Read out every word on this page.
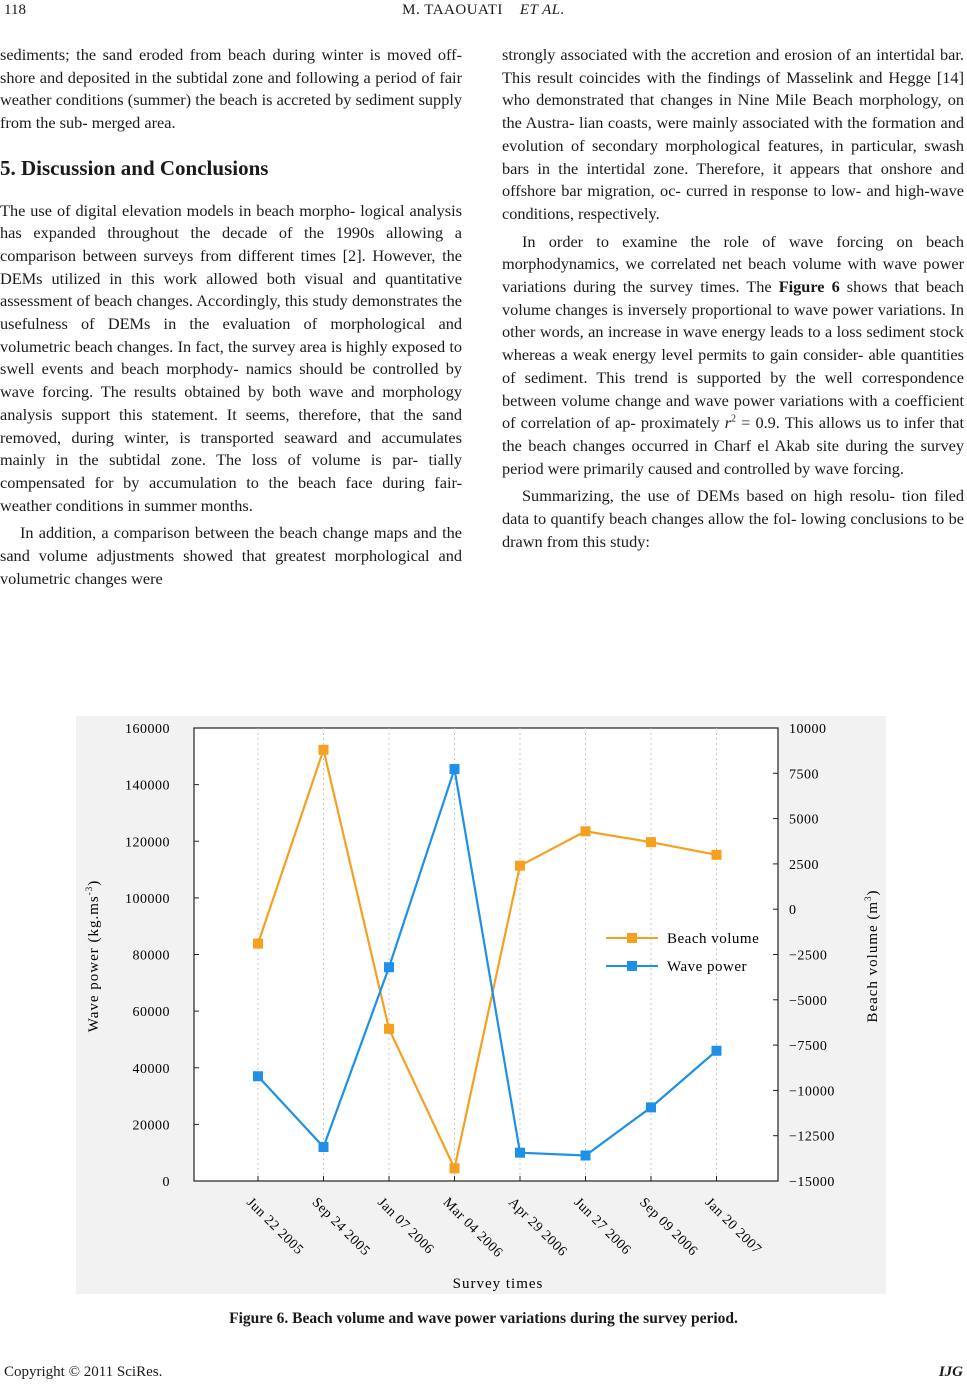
118	M. TAAOUATI ET AL.

sediments; the sand eroded from beach during winter is moved off-shore and deposited in the subtidal zone and following a period of fair weather conditions (summer) the beach is accreted by sediment supply from the sub- merged area.

5. Discussion and Conclusions

The use of digital elevation models in beach morpho- logical analysis has expanded throughout the decade of the 1990s allowing a comparison between surveys from different times [2]. However, the DEMs utilized in this work allowed both visual and quantitative assessment of beach changes. Accordingly, this study demonstrates the usefulness of DEMs in the evaluation of morphological and volumetric beach changes. In fact, the survey area is highly exposed to swell events and beach morphody- namics should be controlled by wave forcing. The results obtained by both wave and morphology analysis support this statement. It seems, therefore, that the sand removed, during winter, is transported seaward and accumulates mainly in the subtidal zone. The loss of volume is par- tially compensated for by accumulation to the beach face during fair-weather conditions in summer months.

In addition, a comparison between the beach change maps and the sand volume adjustments showed that greatest morphological and volumetric changes were

strongly associated with the accretion and erosion of an intertidal bar. This result coincides with the findings of Masselink and Hegge [14] who demonstrated that changes in Nine Mile Beach morphology, on the Austra- lian coasts, were mainly associated with the formation and evolution of secondary morphological features, in particular, swash bars in the intertidal zone. Therefore, it appears that onshore and offshore bar migration, oc- curred in response to low- and high-wave conditions, respectively.

In order to examine the role of wave forcing on beach morphodynamics, we correlated net beach volume with wave power variations during the survey times. The Figure 6 shows that beach volume changes is inversely proportional to wave power variations. In other words, an increase in wave energy leads to a loss sediment stock whereas a weak energy level permits to gain consider- able quantities of sediment. This trend is supported by the well correspondence between volume change and wave power variations with a coefficient of correlation of ap- proximately $r^2 = 0.9$. This allows us to infer that the beach changes occurred in Charf el Akab site during the survey period were primarily caused and controlled by wave forcing.

Summarizing, the use of DEMs based on high resolu- tion filed data to quantify beach changes allow the fol- lowing conclusions to be drawn from this study:

160000
140000
120000
100000
80000
60000
40000
20000
0
10000
7500
5000
2500
0
−2500
−5000
−7500
−10000
−12500
−15000
Jun 22 2005 Sep 24 2005 Jan 07 2006 Mar 04 2006 Apr 29 2006 Jun 27 2006 Sep 09 2006 Jan 20 2007
Beach volume
Wave power
Wave power $(kg.ms^{-3})$
Beach volume $(m^3)$
Survey times
Figure 6. Beach volume and wave power variations during the survey period.
Copyright © 2011 SciRes.	IJG
